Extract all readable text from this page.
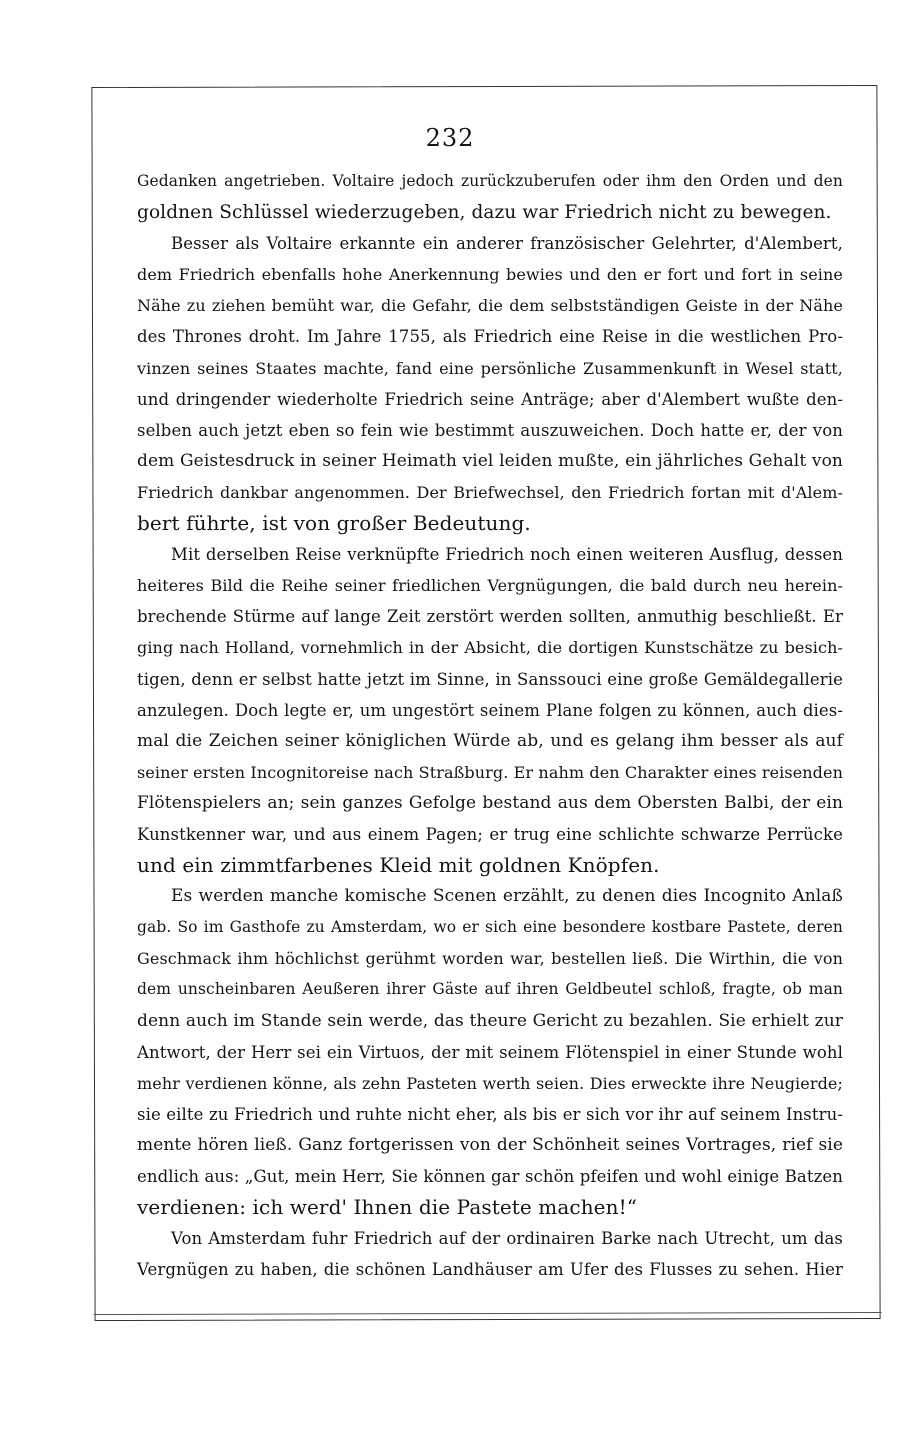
232
Gedanken angetrieben. Voltaire jedoch zurückzuberufen oder ihm den Orden und den
goldnen Schlüssel wiederzugeben, dazu war Friedrich nicht zu bewegen.
Besser als Voltaire erkannte ein anderer französischer Gelehrter, d'Alembert,
dem Friedrich ebenfalls hohe Anerkennung bewies und den er fort und fort in seine
Nähe zu ziehen bemüht war, die Gefahr, die dem selbstständigen Geiste in der Nähe
des Thrones droht. Im Jahre 1755, als Friedrich eine Reise in die westlichen Pro-
vinzen seines Staates machte, fand eine persönliche Zusammenkunft in Wesel statt,
und dringender wiederholte Friedrich seine Anträge; aber d'Alembert wußte den-
selben auch jetzt eben so fein wie bestimmt auszuweichen. Doch hatte er, der von
dem Geistesdruck in seiner Heimath viel leiden mußte, ein jährliches Gehalt von
Friedrich dankbar angenommen. Der Briefwechsel, den Friedrich fortan mit d'Alem-
bert führte, ist von großer Bedeutung.
Mit derselben Reise verknüpfte Friedrich noch einen weiteren Ausflug, dessen
heiteres Bild die Reihe seiner friedlichen Vergnügungen, die bald durch neu herein-
brechende Stürme auf lange Zeit zerstört werden sollten, anmuthig beschließt. Er
ging nach Holland, vornehmlich in der Absicht, die dortigen Kunstschätze zu besich-
tigen, denn er selbst hatte jetzt im Sinne, in Sanssouci eine große Gemäldegallerie
anzulegen. Doch legte er, um ungestört seinem Plane folgen zu können, auch dies-
mal die Zeichen seiner königlichen Würde ab, und es gelang ihm besser als auf
seiner ersten Incognitoreise nach Straßburg. Er nahm den Charakter eines reisenden
Flötenspielers an; sein ganzes Gefolge bestand aus dem Obersten Balbi, der ein
Kunstkenner war, und aus einem Pagen; er trug eine schlichte schwarze Perrücke
und ein zimmtfarbenes Kleid mit goldnen Knöpfen.
Es werden manche komische Scenen erzählt, zu denen dies Incognito Anlaß
gab. So im Gasthofe zu Amsterdam, wo er sich eine besondere kostbare Pastete, deren
Geschmack ihm höchlichst gerühmt worden war, bestellen ließ. Die Wirthin, die von
dem unscheinbaren Aeußeren ihrer Gäste auf ihren Geldbeutel schloß, fragte, ob man
denn auch im Stande sein werde, das theure Gericht zu bezahlen. Sie erhielt zur
Antwort, der Herr sei ein Virtuos, der mit seinem Flötenspiel in einer Stunde wohl
mehr verdienen könne, als zehn Pasteten werth seien. Dies erweckte ihre Neugierde;
sie eilte zu Friedrich und ruhte nicht eher, als bis er sich vor ihr auf seinem Instru-
mente hören ließ. Ganz fortgerissen von der Schönheit seines Vortrages, rief sie
endlich aus: „Gut, mein Herr, Sie können gar schön pfeifen und wohl einige Batzen
verdienen: ich werd' Ihnen die Pastete machen!“
Von Amsterdam fuhr Friedrich auf der ordinairen Barke nach Utrecht, um das
Vergnügen zu haben, die schönen Landhäuser am Ufer des Flusses zu sehen. Hier
